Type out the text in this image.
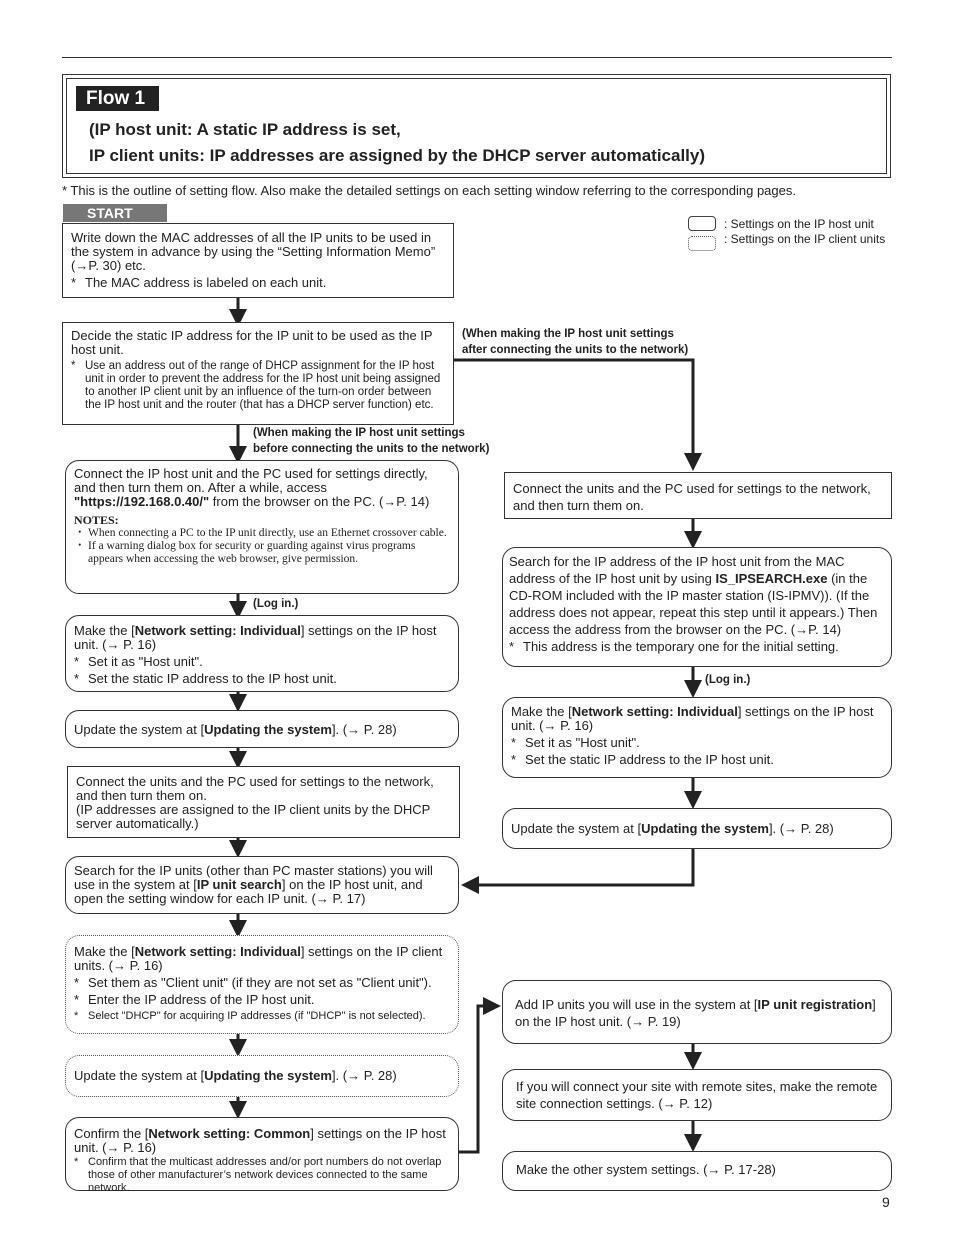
Flow 1
(IP host unit: A static IP address is set,
IP client units: IP addresses are assigned by the DHCP server automatically)
* This is the outline of setting flow. Also make the detailed settings on each setting window referring to the corresponding pages.
START
: Settings on the IP host unit
: Settings on the IP client units
Write down the MAC addresses of all the IP units to be used in the system in advance by using the “Setting Information Memo” (→P. 30) etc.
* The MAC address is labeled on each unit.
Decide the static IP address for the IP unit to be used as the IP host unit.
* Use an address out of the range of DHCP assignment for the IP host unit in order to prevent the address for the IP host unit being assigned to another IP client unit by an influence of the turn-on order between the IP host unit and the router (that has a DHCP server function) etc.
(When making the IP host unit settings
after connecting the units to the network)
(When making the IP host unit settings
before connecting the units to the network)
Connect the IP host unit and the PC used for settings directly, and then turn them on. After a while, access "https://192.168.0.40/" from the browser on the PC. (→P. 14)
NOTES:
・ When connecting a PC to the IP unit directly, use an Ethernet crossover cable.
・ If a warning dialog box for security or guarding against virus programs appears when accessing the web browser, give permission.
(Log in.)
Make the [Network setting: Individual] settings on the IP host unit. (→ P. 16)
* Set it as "Host unit".
* Set the static IP address to the IP host unit.
Update the system at [Updating the system]. (→ P. 28)
Connect the units and the PC used for settings to the network, and then turn them on.
(IP addresses are assigned to the IP client units by the DHCP server automatically.)
Search for the IP units (other than PC master stations) you will use in the system at [IP unit search] on the IP host unit, and open the setting window for each IP unit. (→ P. 17)
Make the [Network setting: Individual] settings on the IP client units. (→ P. 16)
* Set them as "Client unit" (if they are not set as "Client unit").
* Enter the IP address of the IP host unit.
* Select "DHCP" for acquiring IP addresses (if "DHCP" is not selected).
Update the system at [Updating the system]. (→ P. 28)
Confirm the [Network setting: Common] settings on the IP host unit. (→ P. 16)
* Confirm that the multicast addresses and/or port numbers do not overlap those of other manufacturer’s network devices connected to the same network.
Connect the units and the PC used for settings to the network, and then turn them on.
Search for the IP address of the IP host unit from the MAC address of the IP host unit by using IS_IPSEARCH.exe (in the CD-ROM included with the IP master station (IS-IPMV)). (If the address does not appear, repeat this step until it appears.) Then access the address from the browser on the PC. (→P. 14)
* This address is the temporary one for the initial setting.
(Log in.)
Make the [Network setting: Individual] settings on the IP host unit. (→ P. 16)
* Set it as "Host unit".
* Set the static IP address to the IP host unit.
Update the system at [Updating the system]. (→ P. 28)
Add IP units you will use in the system at [IP unit registration] on the IP host unit. (→ P. 19)
If you will connect your site with remote sites, make the remote site connection settings. (→ P. 12)
Make the other system settings. (→ P. 17-28)
9
